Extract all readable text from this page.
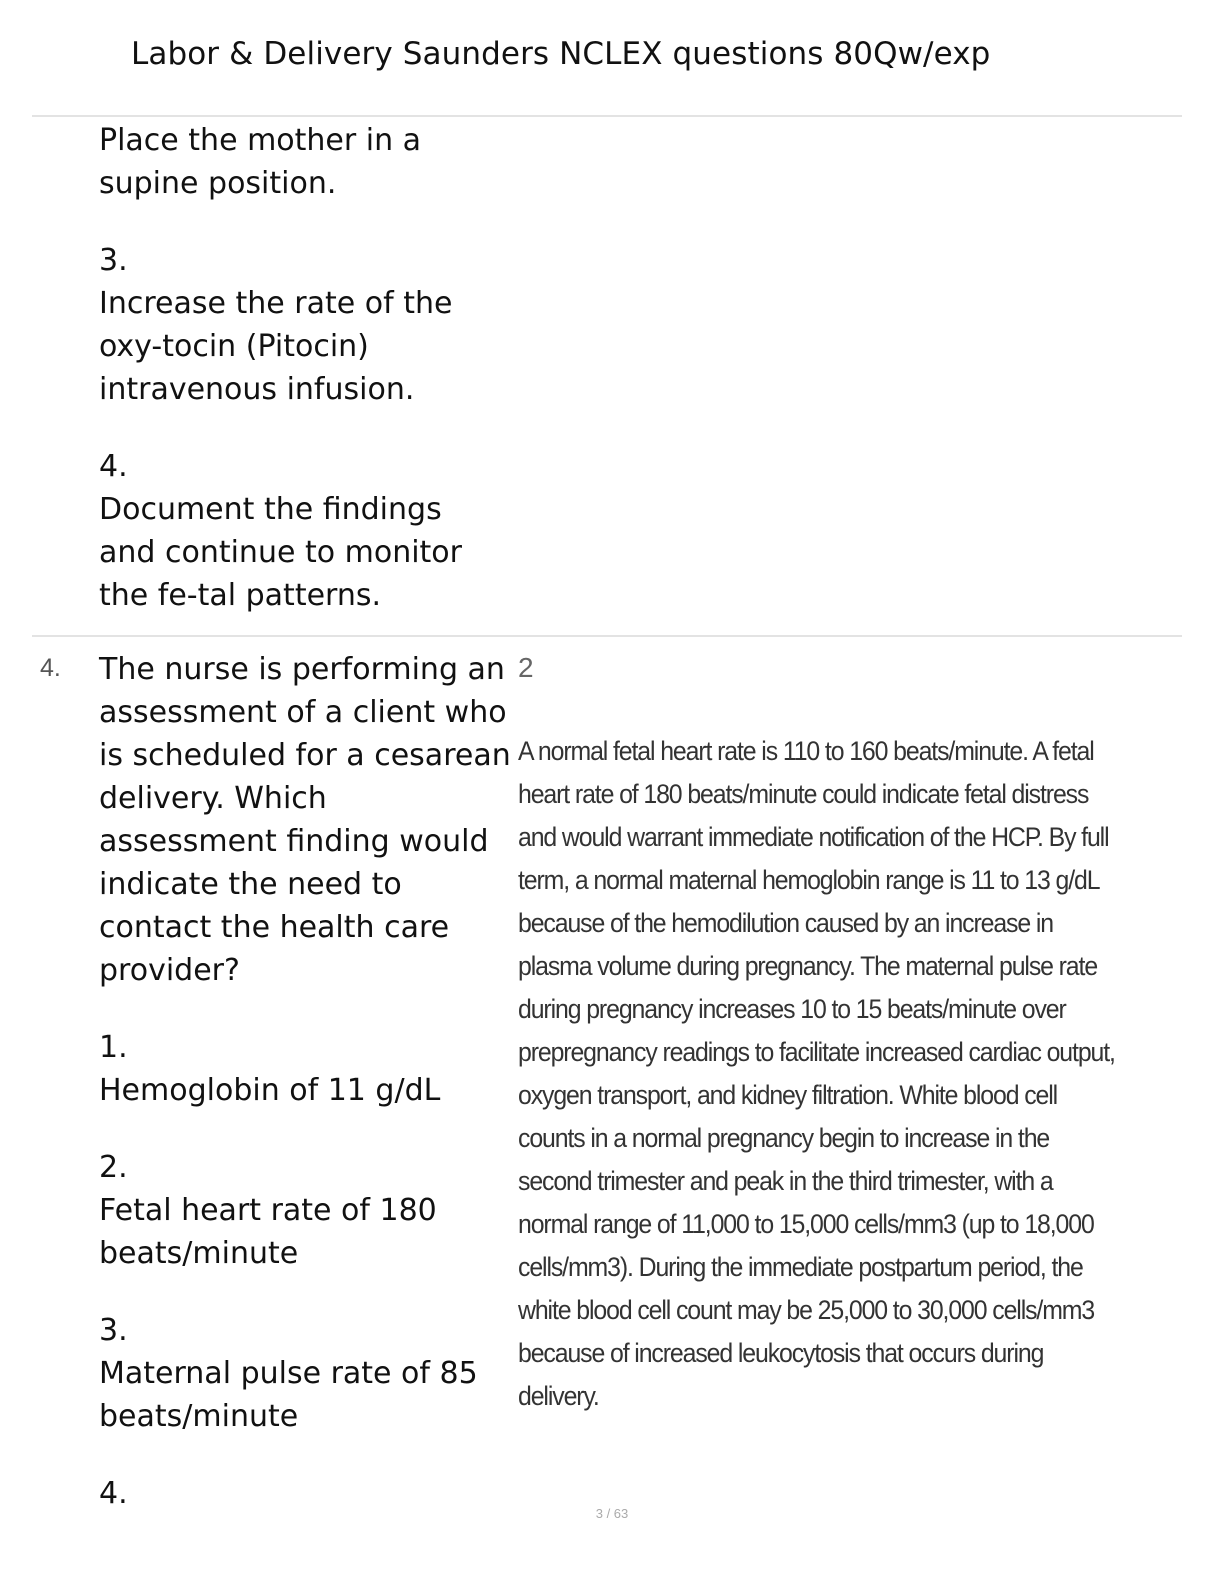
Labor & Delivery Saunders NCLEX questions 80Qw/exp

Place the mother in a supine position.

3.

Increase the rate of the oxy-tocin (Pitocin) intravenous infusion.

4.

Document the findings and continue to monitor the fe-tal patterns.

4. The nurse is performing an assessment of a client who is scheduled for a cesarean delivery. Which assessment finding would indicate the need to contact the health care provider?

1.

Hemoglobin of 11 g/dL

2.

Fetal heart rate of 180 beats/minute

3.

Maternal pulse rate of 85 beats/minute

4.

2
A normal fetal heart rate is 110 to 160 beats/minute. A fetal heart rate of 180 beats/minute could indicate fetal distress and would warrant immediate notification of the HCP. By full term, a normal maternal hemoglobin range is 11 to 13 g/dL because of the hemodilution caused by an increase in plasma volume during pregnancy. The maternal pulse rate during pregnancy increases 10 to 15 beats/minute over prepregnancy readings to facilitate increased cardiac output, oxygen transport, and kidney filtration. White blood cell counts in a normal pregnancy begin to increase in the second trimester and peak in the third trimester, with a normal range of 11,000 to 15,000 cells/mm3 (up to 18,000 cells/mm3). During the immediate postpartum period, the white blood cell count may be 25,000 to 30,000 cells/mm3 because of increased leukocytosis that occurs during delivery.
3 / 63
